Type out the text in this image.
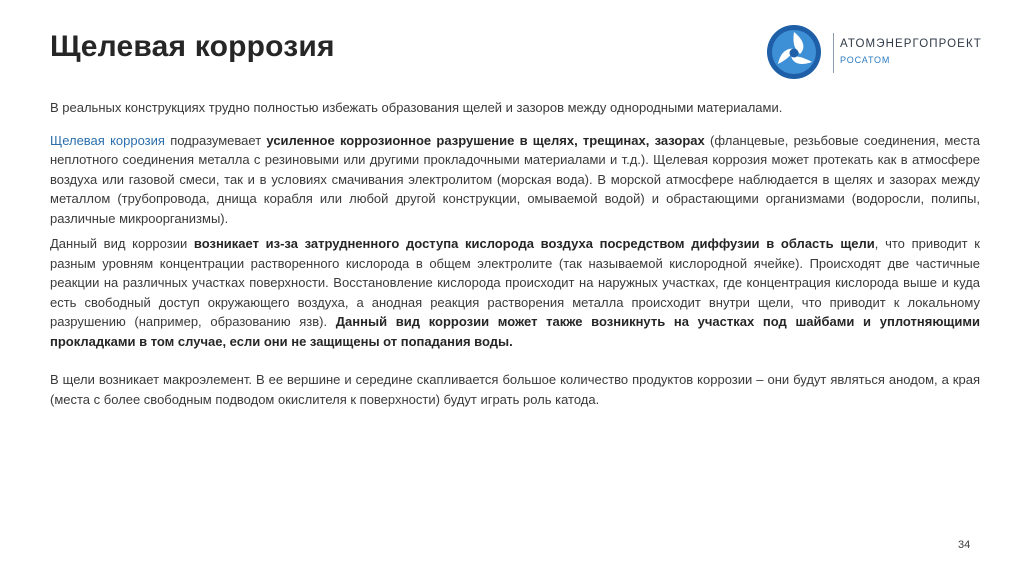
Щелевая коррозия	АТОМЭНЕРГОПРОЕКТ
РОСАТОМ

В реальных конструкциях трудно полностью избежать образования щелей и зазоров между однородными материалами.

Щелевая коррозия подразумевает усиленное коррозионное разрушение в щелях, трещинах, зазорах (фланцевые, резьбовые соединения, места неплотного соединения металла с резиновыми или другими прокладочными материалами и т.д.). Щелевая коррозия может протекать как в атмосфере воздуха или газовой смеси, так и в условиях смачивания электролитом (морская вода). В морской атмосфере наблюдается в щелях и зазорах между металлом (трубопровода, днища корабля или любой другой конструкции, омываемой водой) и обрастающими организмами (водоросли, полипы, различные микроорганизмы).

Данный вид коррозии возникает из-за затрудненного доступа кислорода воздуха посредством диффузии в область щели, что приводит к разным уровням концентрации растворенного кислорода в общем электролите (так называемой кислородной ячейке). Происходят две частичные реакции на различных участках поверхности. Восстановление кислорода происходит на наружных участках, где концентрация кислорода выше и куда есть свободный доступ окружающего воздуха, а анодная реакция растворения металла происходит внутри щели, что приводит к локальному разрушению (например, образованию язв). Данный вид коррозии может также возникнуть на участках под шайбами и уплотняющими прокладками в том случае, если они не защищены от попадания воды.

В щели возникает макроэлемент. В ее вершине и середине скапливается большое количество продуктов коррозии – они будут являться анодом, а края (места с более свободным подводом окислителя к поверхности) будут играть роль катода.

34
